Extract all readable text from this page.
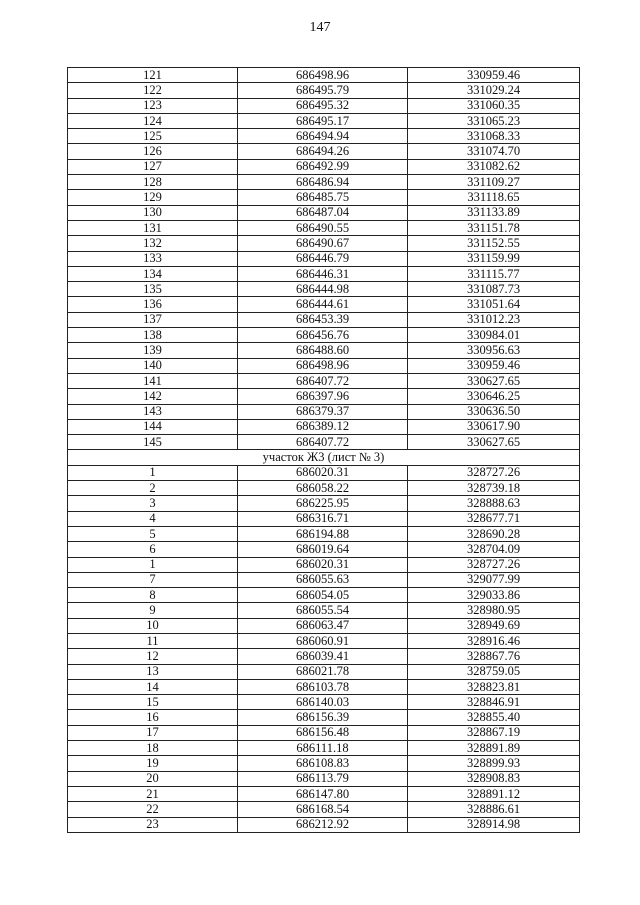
147
121	686498.96	330959.46
122	686495.79	331029.24
123	686495.32	331060.35
124	686495.17	331065.23
125	686494.94	331068.33
126	686494.26	331074.70
127	686492.99	331082.62
128	686486.94	331109.27
129	686485.75	331118.65
130	686487.04	331133.89
131	686490.55	331151.78
132	686490.67	331152.55
133	686446.79	331159.99
134	686446.31	331115.77
135	686444.98	331087.73
136	686444.61	331051.64
137	686453.39	331012.23
138	686456.76	330984.01
139	686488.60	330956.63
140	686498.96	330959.46
141	686407.72	330627.65
142	686397.96	330646.25
143	686379.37	330636.50
144	686389.12	330617.90
145	686407.72	330627.65
участок Ж3 (лист № 3)		
1	686020.31	328727.26
2	686058.22	328739.18
3	686225.95	328888.63
4	686316.71	328677.71
5	686194.88	328690.28
6	686019.64	328704.09
1	686020.31	328727.26
7	686055.63	329077.99
8	686054.05	329033.86
9	686055.54	328980.95
10	686063.47	328949.69
11	686060.91	328916.46
12	686039.41	328867.76
13	686021.78	328759.05
14	686103.78	328823.81
15	686140.03	328846.91
16	686156.39	328855.40
17	686156.48	328867.19
18	686111.18	328891.89
19	686108.83	328899.93
20	686113.79	328908.83
21	686147.80	328891.12
22	686168.54	328886.61
23	686212.92	328914.98
